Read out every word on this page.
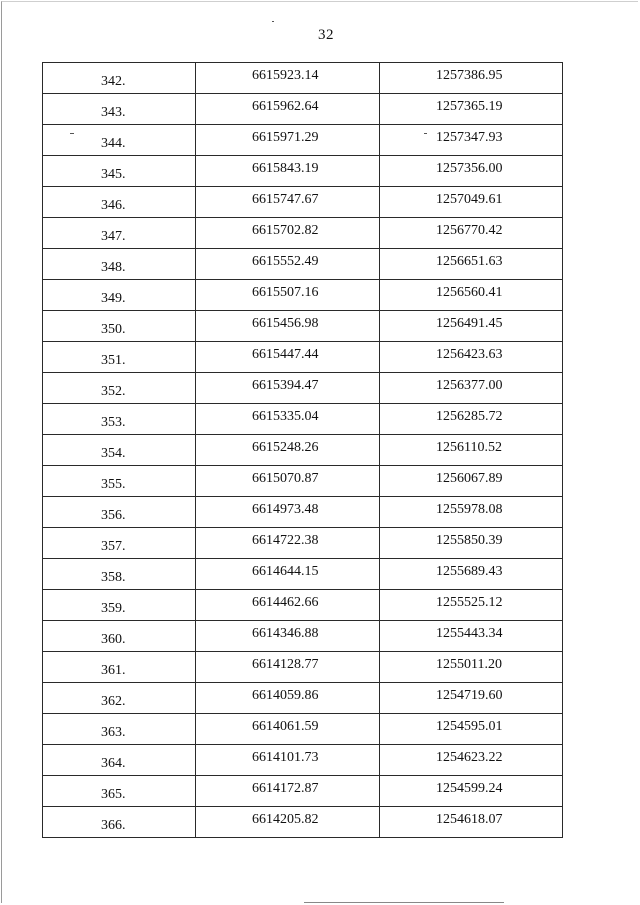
32
342.	6615923.14	1257386.95

343.	6615962.64	1257365.19

344.	6615971.29	1257347.93

345.	6615843.19	1257356.00

346.	6615747.67	1257049.61

347.	6615702.82	1256770.42

348.	6615552.49	1256651.63

349.	6615507.16	1256560.41

350.	6615456.98	1256491.45

351.	6615447.44	1256423.63

352.	6615394.47	1256377.00

353.	6615335.04	1256285.72

354.	6615248.26	1256110.52

355.	6615070.87	1256067.89

356.	6614973.48	1255978.08

357.	6614722.38	1255850.39

358.	6614644.15	1255689.43

359.	6614462.66	1255525.12

360.	6614346.88	1255443.34

361.	6614128.77	1255011.20

362.	6614059.86	1254719.60

363.	6614061.59	1254595.01

364.	6614101.73	1254623.22

365.	6614172.87	1254599.24

366.	6614205.82	1254618.07
